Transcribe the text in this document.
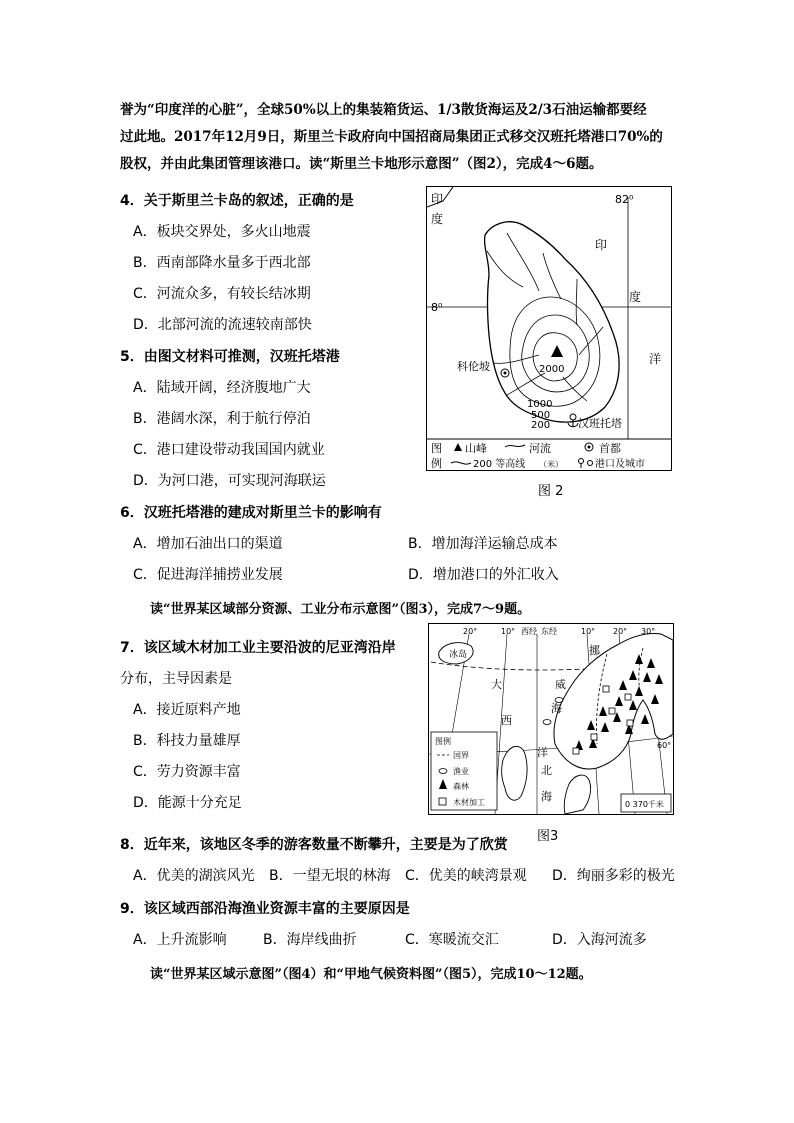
誉为“印度洋的心脏”，全球50%以上的集装箱货运、1/3散货海运及2/3石油运输都要经
过此地。2017年12月9日，斯里兰卡政府向中国招商局集团正式移交汉班托塔港口70%的
股权，并由此集团管理该港口。读“斯里兰卡地形示意图”（图2），完成4～6题。
4．关于斯里兰卡岛的叙述，正确的是
A．板块交界处，多火山地震
B．西南部降水量多于西北部
C．河流众多，有较长结冰期
D．北部河流的流速较南部快
5．由图文材料可推测，汉班托塔港
A．陆域开阔，经济腹地广大
B．港阔水深，利于航行停泊
C．港口建设带动我国国内就业
D．为河口港，可实现河海联运
6．汉班托塔港的建成对斯里兰卡的影响有
A．增加石油出口的渠道	B．增加海洋运输总成本
C．促进海洋捕捞业发展	D．增加港口的外汇收入
读“世界某区域部分资源、工业分布示意图”（图3），完成7～9题。
7．该区域木材加工业主要沿波的尼亚湾沿岸
分布，主导因素是
A．接近原料产地
B．科技力量雄厚
C．劳力资源丰富
D．能源十分充足
8．近年来，该地区冬季的游客数量不断攀升，主要是为了欣赏
A．优美的湖滨风光 B．一望无垠的林海 C．优美的峡湾景观 D．绚丽多彩的极光
9．该区域西部沿海渔业资源丰富的主要原因是
A．上升流影响	B．海岸线曲折	C．寒暖流交汇	D．入海河流多
读“世界某区域示意图”（图4）和“甲地气候资料图”（图5），完成10～12题。
82⁰
8⁰
印
度
印
度
洋
科伦坡	2000
1000
500
200	汉班托塔
图
例
山峰	河流	首都
200 等高线 （米）	港口及城市
图 2
20°	10° 西经 东经	10° 20° 30°
冰岛
大
西
洋
威
海
北
海
挪
60°
图例
国界
渔业
森林
木材加工	0 370千米
图3
